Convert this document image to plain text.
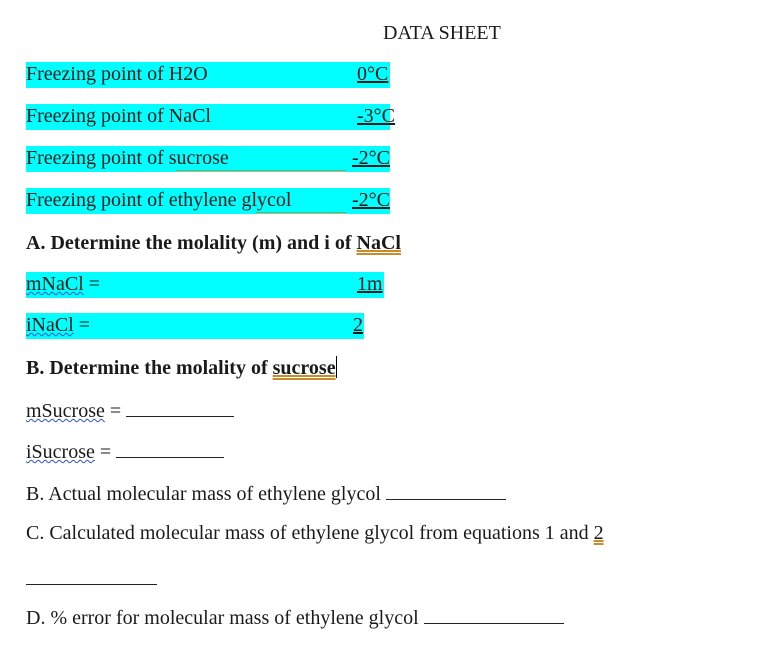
DATA SHEET
Freezing point of H2O	0°C
Freezing point of NaCl	-3°C
Freezing point of sucrose	-2°C
Freezing point of ethylene glycol	-2°C
A. Determine the molality (m) and i of NaCl
mNaCl =	1m
iNaCl =	2
B. Determine the molality of sucrose
mSucrose =
iSucrose =
B. Actual molecular mass of ethylene glycol
C. Calculated molecular mass of ethylene glycol from equations 1 and 2
D. % error for molecular mass of ethylene glycol
